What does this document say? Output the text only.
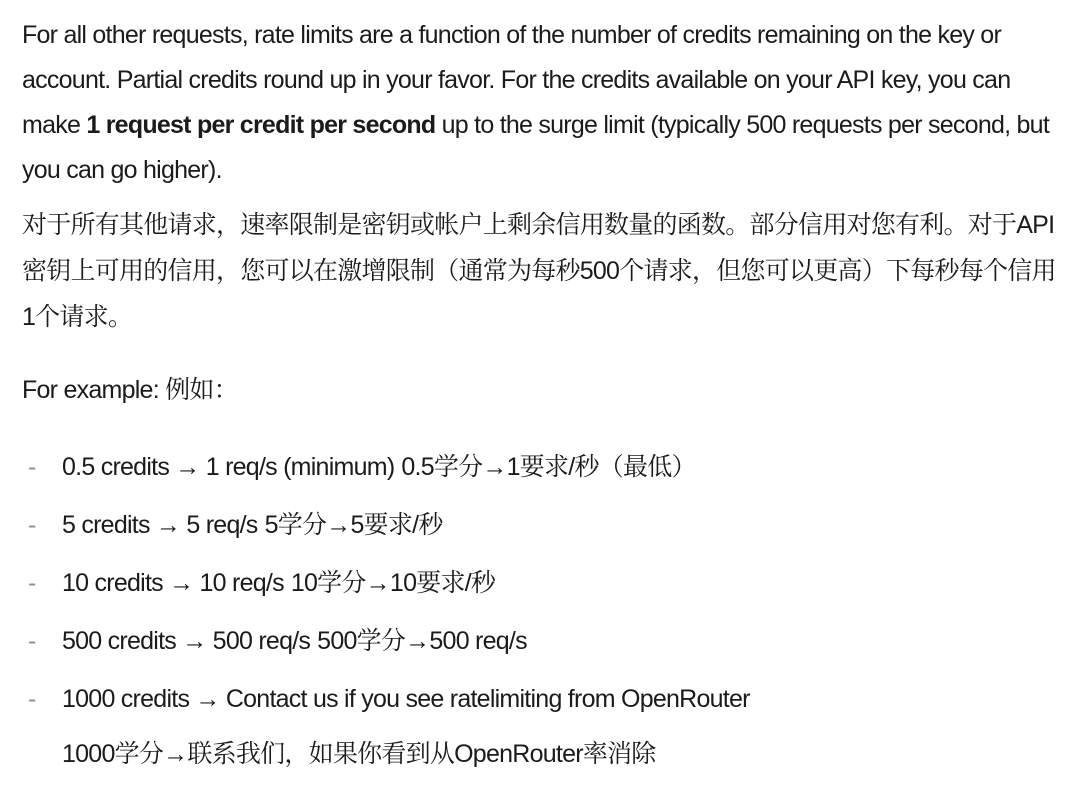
For all other requests, rate limits are a function of the number of credits remaining on the key or account. Partial credits round up in your favor. For the credits available on your API key, you can make 1 request per credit per second up to the surge limit (typically 500 requests per second, but you can go higher).

对于所有其他请求，速率限制是密钥或帐户上剩余信用数量的函数。部分信用对您有利。对于API密钥上可用的信用，您可以在激增限制（通常为每秒500个请求，但您可以更高）下每秒每个信用1个请求。

For example: 例如：

- 0.5 credits → 1 req/s (minimum) 0.5学分→1要求/秒（最低）
- 5 credits → 5 req/s 5学分→5要求/秒
- 10 credits → 10 req/s 10学分→10要求/秒
- 500 credits → 500 req/s 500学分→500 req/s
- 1000 credits → Contact us if you see ratelimiting from OpenRouter
1000学分→联系我们，如果你看到从OpenRouter率消除
